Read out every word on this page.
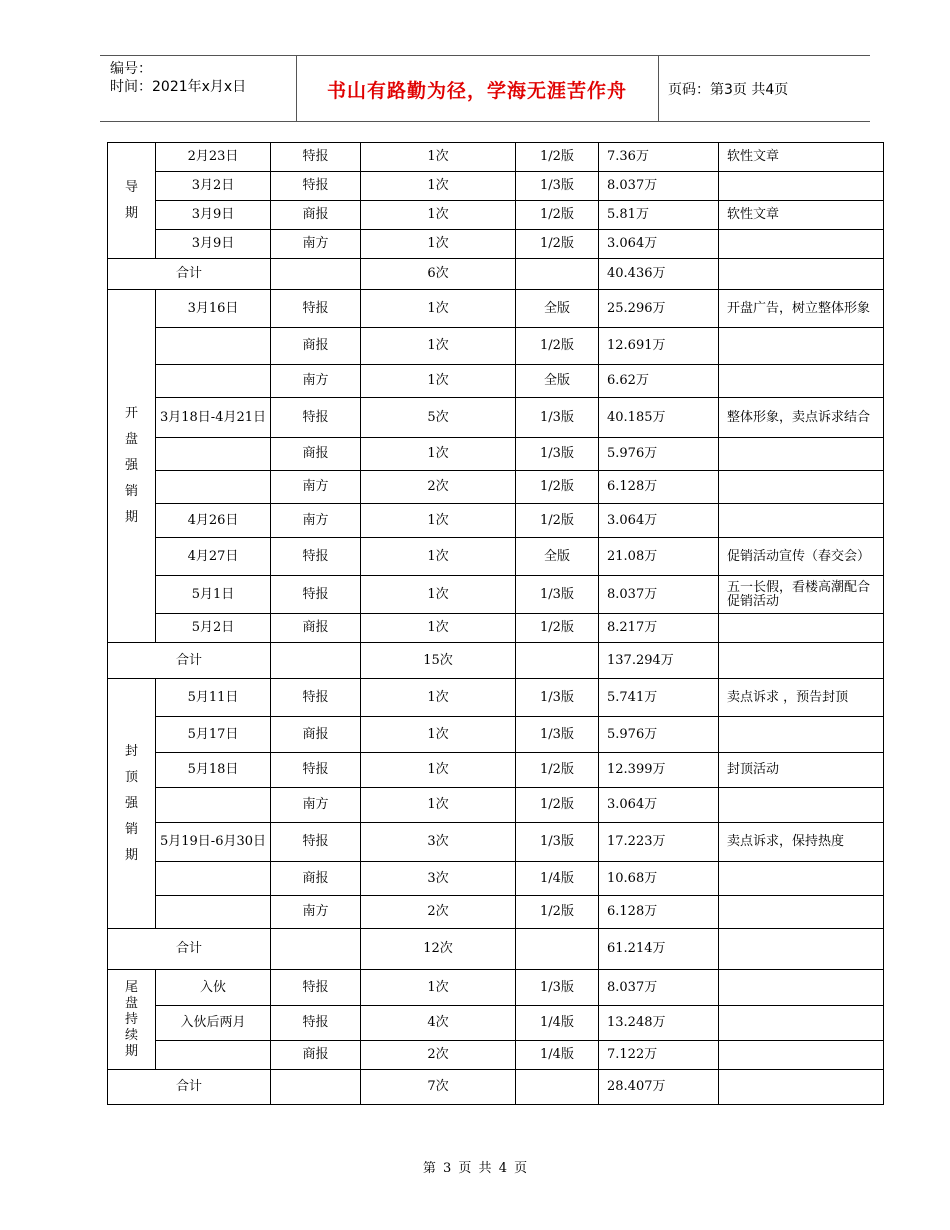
编号：
时间：2021年x月x日	书山有路勤为径，学海无涯苦作舟	页码：第3页 共4页
导期	2月23日	特报	1次	1/2版	7.36万	软性文章
	3月2日	特报	1次	1/3版	8.037万	
	3月9日	商报	1次	1/2版	5.81万	软性文章
	3月9日	南方	1次	1/2版	3.064万	
合计			6次		40.436万	
开盘强销期	3月16日	特报	1次	全版	25.296万	开盘广告，树立整体形象
		商报	1次	1/2版	12.691万	
		南方	1次	全版	6.62万	
	3月18日-4月21日	特报	5次	1/3版	40.185万	整体形象，卖点诉求结合
		商报	1次	1/3版	5.976万	
		南方	2次	1/2版	6.128万	
	4月26日	南方	1次	1/2版	3.064万	
	4月27日	特报	1次	全版	21.08万	促销活动宣传（春交会）
	5月1日	特报	1次	1/3版	8.037万	五一长假，看楼高潮配合促销活动
	5月2日	商报	1次	1/2版	8.217万	
合计			15次		137.294万	
封顶强销期	5月11日	特报	1次	1/3版	5.741万	卖点诉求 ，预告封顶
	5月17日	商报	1次	1/3版	5.976万	
	5月18日	特报	1次	1/2版	12.399万	封顶活动
		南方	1次	1/2版	3.064万	
	5月19日-6月30日	特报	3次	1/3版	17.223万	卖点诉求，保持热度
		商报	3次	1/4版	10.68万	
		南方	2次	1/2版	6.128万	
合计			12次		61.214万	
尾盘持续期	入伙	特报	1次	1/3版	8.037万	
	入伙后两月	特报	4次	1/4版	13.248万	
		商报	2次	1/4版	7.122万	
合计			7次		28.407万	
第 3 页 共 4 页
